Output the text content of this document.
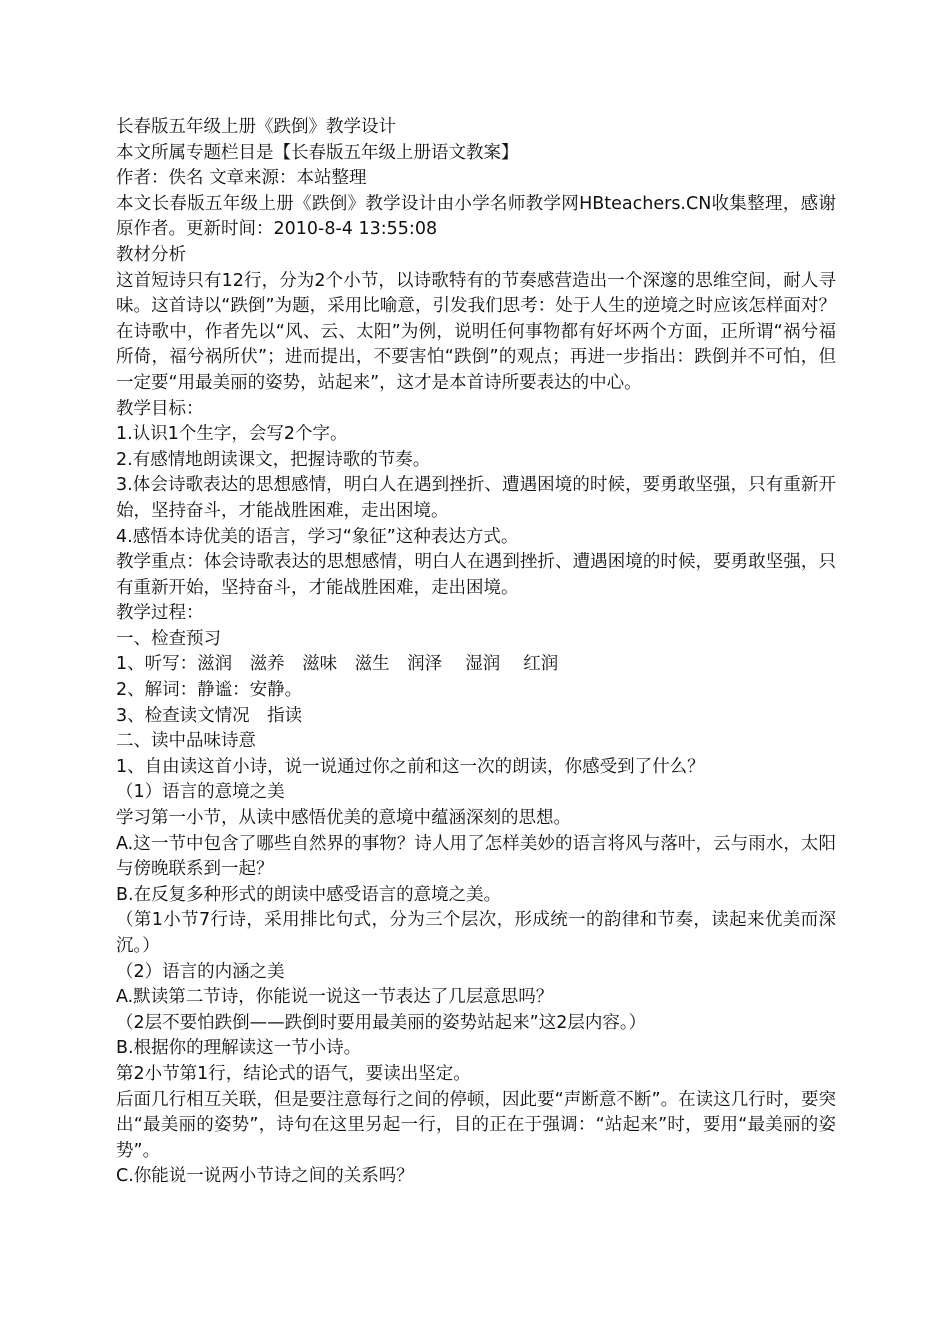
长春版五年级上册《跌倒》教学设计

本文所属专题栏目是【长春版五年级上册语文教案】

作者：佚名 文章来源：本站整理

本文长春版五年级上册《跌倒》教学设计由小学名师教学网HBteachers.CN收集整理，感谢原作者。更新时间：2010-8-4 13:55:08

教材分析

这首短诗只有12行，分为2个小节，以诗歌特有的节奏感营造出一个深邃的思维空间，耐人寻味。这首诗以“跌倒”为题，采用比喻意，引发我们思考：处于人生的逆境之时应该怎样面对？在诗歌中，作者先以“风、云、太阳”为例，说明任何事物都有好坏两个方面，正所谓“祸兮福所倚，福兮祸所伏”；进而提出，不要害怕“跌倒”的观点；再进一步指出：跌倒并不可怕，但一定要“用最美丽的姿势，站起来”，这才是本首诗所要表达的中心。

教学目标：

1.认识1个生字，会写2个字。

2.有感情地朗读课文，把握诗歌的节奏。

3.体会诗歌表达的思想感情，明白人在遇到挫折、遭遇困境的时候，要勇敢坚强，只有重新开始，坚持奋斗，才能战胜困难，走出困境。

4.感悟本诗优美的语言，学习“象征”这种表达方式。

教学重点：体会诗歌表达的思想感情，明白人在遇到挫折、遭遇困境的时候，要勇敢坚强，只有重新开始，坚持奋斗，才能战胜困难，走出困境。

教学过程：

一、检查预习

1、听写：滋润　滋养　滋味　滋生　润泽　 湿润　 红润

2、解词：静谧：安静。

3、检查读文情况　指读

二、读中品味诗意

1、自由读这首小诗，说一说通过你之前和这一次的朗读，你感受到了什么？

（1）语言的意境之美

学习第一小节，从读中感悟优美的意境中蕴涵深刻的思想。

A.这一节中包含了哪些自然界的事物？诗人用了怎样美妙的语言将风与落叶，云与雨水，太阳与傍晚联系到一起？

B.在反复多种形式的朗读中感受语言的意境之美。

（第1小节7行诗，采用排比句式，分为三个层次，形成统一的韵律和节奏，读起来优美而深沉。）

（2）语言的内涵之美

A.默读第二节诗，你能说一说这一节表达了几层意思吗？

（2层不要怕跌倒——跌倒时要用最美丽的姿势站起来”这2层内容。）

B.根据你的理解读这一节小诗。

第2小节第1行，结论式的语气，要读出坚定。

后面几行相互关联，但是要注意每行之间的停顿，因此要“声断意不断”。在读这几行时，要突出“最美丽的姿势”，诗句在这里另起一行，目的正在于强调：“站起来”时，要用“最美丽的姿势”。

C.你能说一说两小节诗之间的关系吗？
